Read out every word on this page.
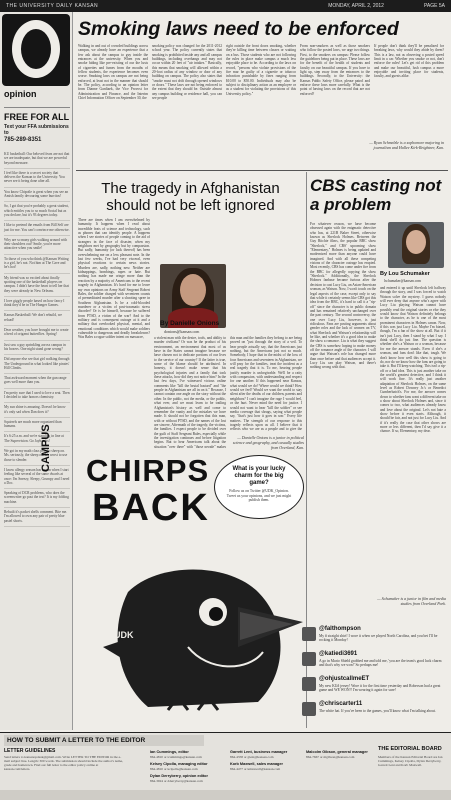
THE UNIVERSITY DAILY KANSAN	MONDAY, APRIL 2, 2012	PAGE 5A
opinion
FREE FOR ALL
Text your FFA submissions to
785-289-8351
KU basketball: Our beloved fears are not that we are inadequate, but that we are powerful beyond measure.
I feel like there is a secret society that delivers the Kansan to the University. You never see it being done after all.
You know Chipotle is great when you see an Amish family devouring some burritos!
So, I got that you're probably a great student, which entitles you to so much Social but as you declare, but it's 93 degrees today.
I like to pretend the emails from Bill Self are just for me. You can't convince me otherwise.
Why are so many girls walking around with their shoulders out? Smile, you're more attractive when you smile!
To those of you who think @Kansan Writing is a girl, he's not. Not him at The Cave and he's hot!
My friend was so excited about finally spotting one of the basketball players on campus. I didn't have the heart to tell her that they were already in New Orleans.
I love giggly people based on how fancy I think they'd be in The Hunger Games.
Kansas Basketball: We don't rebuild, we reload!
Dear weather, you have brought me to create a herd of origami butterflies. Spring!
Just saw a guy sprinkling across campus in his boxers. One night stand gone wrong?
Did anyone else see that girl walking through The Underground in what looked like pirates' Hill Climbs.
That awkward moment when the gun range goes well more than you.
I'm pretty sure that I used to love a seat. Then I decided to take honors chemistry.
My sun shine is amazing. Doesn't he know it's only sad when Dan does it?
Squirrels are much more organized than humans.
It's 6:25 a.m. and we're standing in line at The Supervision. Go Jayhawks!
We got in my math class psycho sheep on. Ms. seriously, the sheep on. It's worst to use those to slender.
I know allergy season has begun when I start feeling like several of the same dwarfs at once: I'm Sneezy, Sleepy, Grumpy and I need a Doc.
Speaking of DCR problems, who does the screenwriter go past the test? It is my folding machine.
Rebuilt it's packet shells comment. Bite me. I'm allowed to own any pair of pretty blue pastel shorts.
Smoking laws need to be enforced
Walking in and out of crowded buildings across campus, we already have an experience that a few ask about the campus to guy inside the entrances at the university. When you and smoke hiding like pre-existing of our the lusts of cigarettes and fumes from the mouths of fellow students, the experience becomes even worse. Smoking laws on campus are not being enforced, at least not in the manner that should be. The policy, according to an opinion letter from Dianne Gardiaek, the Vice Provost for Administration and Finance, and the Interim Chief Information Officer on September 30, the
smoking policy was changed for the 2011-2012 school year. The policy currently states that smoking is prohibited inside any and all campus buildings, including overhangs and may not occur within 20 feet of "air intakes." Basically, this means that smoking will allowed within a 20-foot radius of any window or door of any building on campus. The policy also states that "smoke must not drift through opened windows or doors." These laws are not being enforced to the extent that they should be. Outside almost any campus building or residence hall, you can see people
right outside the front doors smoking, whether they're killing time between classes or waiting on a bus. Those students who are not following the rules in place make campus a much less enjoyable place to be. According to the laws on record, "persons who violate provisions of the fire mar be guilty of a cigarette or tobacco infraction punishable by fines ranging from $10.00 to $50.00. Individuals may also be subject to disciplinary action as an employee or as a student for violating the provisions of this University policy."
From non-smokers as well as those smokers who follow the posted laws, we urge two things. First, to the smokers on campus: Please follow the guidelines being put in place. These laws are for the benefit of the health of students and faculty on our beautiful campus. If you have to light up, step away from the entrances to the buildings. Secondly, to the University: the Kansas Public Safety Office, please patrol and enforce these laws more carefully. What is the point of having laws on the record that are not enforced?
If people don't think they'll be penalized for breaking laws, why would they abide by them? This is a law, not as observing a posted speed limit in a car. Whether you smoke or not, don't enforce the rules! Let's get rid of this problem and make our beautiful, lush campus a more enjoyable and inviting place for students, faculty, and guests alike.
— Ryan Schmelzle is a sophomore majoring in journalism and Hallee Kirk-Reightner, Kan.
The tragedy in Afghanistan should not be left ignored
There are times when I am overwhelmed by humanity. It happens when I read about incredible feats of science and technology, such as phones that can identify people. A happens when I see stories of people coming to the aid of strangers in the face of disaster, when my neighbors met by geography but by compassion. But sadly, humanity (or lack thereof) has been overwhelming me on a less pleasant note. In the last few weeks, I've had very visceral, even physical reactions to certain news stories. Murders are, sadly, nothing new. Neither are kidnappings, bombings, rapes or hate. But nothing has made me cringe more than the reaction by a majority of Americans to the recent tragedy in Afghanistan. It's hard for me to leave my own opinions on Army Staff Sergeant Robert Bales, the soldier charged with seventeen counts of premeditated murder after a shooting spree in Southern Afghanistan. Is he a cold-blooded murderer or a victim of post-traumatic stress disorder? Or is he himself, because he suffered from PTSD, a victim of the war? And to the military and is consequent outrage at it and a military that overlooked physical, mental, and emotional conditions which would make soldiers vulnerable to dangerous and deadly breakdowns? Was Bales a rogue soldier intent on massacre,	a violent man with the desire, tools, and ability to murder civilians? Or was he the product of his environment, an environment that most of us have in the States cannot imagine because we have chosen not to dedicate portions of our lives to the service of our country? If the latter is true, some of the blame should be attributed. In honesty, it doesn't make sense that his psychological injuries and a family that took these attacks, how did they not notice him? In the last few days, I've witnessed vicious online comments like "kill the brutal bastard" and "the people in Afghanistan are all in on it." Because, I cannot contain one angle on the story without the other. In the public, not the media, or the public, what ever, and we must learn to be trailing Afghanistan's history as well and come to remember the vanity and the mistakes we have made. It should not be forgotten that this man, with or without PTSD, and the names of the lost are sincere, Aftermath of the tragedy, the victims, the families. I expect people to be divided over the guilt of Staff Sergeant Bales, especially while the investigation continues and before litigation begins. But to hear Americans talk about the situation "over there" with "those people" makes
this man and the families they belong to are being proved on "just through the story of a veil. To hear people actually say, that the Americans just nothing, but the Americans just not so much. Somebody, I hope that in the midst of the loss of four Americans and seventeen in Afghanistan, we will pray for the families, treat the incident as a real tragedy that it is. To me, hearing people justify murder is unforgivable. We'll be a ratty with compassion, with understanding and respect for one another. If this happened near Kansas, what would we do? Where would we think? How would we feel? Would we want the world to stay silent after the deaths of our children, parents and neighbors? I can't imagine the rage I would feel, or the hurt. Never mind the need for justice. I would not want to hear "kill the soldier" or see media coverage that shrugs, saying what people say, "that's just how it goes in war." Every life matters. The strength of our response to this tragedy reflects upon us all. I believe that it reflects who we are as a people and to give the
By Danielle Onions
donions@kansan.com
— Danielle Onions is a junior in political science and geography, and casually studies from Overland, Kan.
CBS casting not a problem
By Lou Schumaker
lschumaker@kansan.com
For whatever reason, we have become obsessed again with the enigmatic detective who has, at 221B Baker Street, otherwise known as Sherlock Holmes. Between the Guy Ritchie films, the popular BBC show "Sherlock," and CBS' upcoming show "Elementary," Holmes is being updated and modernized more than anyone could have imagined. And with all these competing visions of the character outrage has erupted. Most recently, CBS has come under fire from the BBC for allegedly copying the show "Sherlock." Additionally, the Sherlock Holmes fanbase became furious after the decision to cast Lucy Liu, an Asian-American woman, as Watson. Now, I won't touch on the legal aspects of the case, except only to say that while it certainly seems like CBS got this idea from the BBC, it's hard to call it a "rip-off" since the character is in public domain and has remained relatively unchanged over the past century. The second controversy, the one over Lucy Liu, however, is just ridiculous. Fans are posting arguments about gender roles and the lack of women on TV, what Sherlock and Watson's relationship will be like, and whether it's a good idea to make the show a romance. Liu is what they suggest the CBS is somehow hoping to make money off the romance angle of the character. I will argue that Watson's role has changed more than once before and that audiences accept it. Lucy Liu can play Watson, and there's nothing wrong with that.
and entered it up until Sherlock left halfway through the story, and I was forced to watch Watson solve the mystery. I guess nobody will ever deny that anyone who's agree with Lucy Liu playing Watson cannot have possibly read the original stories or else they would know that Watson definitely belongs to the character, as he is one of the most prominent characters in Holmes canon. Now, if this was just Lucy Liu. Maybe I'm biased, though, I'm a fan of the show at all. But if it isn't just Lucy, then I stand by what I say. I think she'll do just fine. The question is whether she's a Watson or a woman, because for me the answer stands. Even if she's a woman, and fans don't like that, tough. We don't know how well this show is going to do, nor do we know how the fans are going to take it. But I'll keep watching. This isn't a rip-off or a bad idea. This is just another take on the world's greatest detective, and I think it will work fine. It's really just another adaptation of Sherlock Holmes, on the same level as Robert Downey Jr.'s or Benedict Cumberbatch's. For me, the answer comes down to whether fans want a different take on a show about Sherlock Holmes and, since it comes to two, what audiences already know and love about the original. Let's not hate a show before it even starts. Although, it should be fair, and not just for Lucy Liu. And if it's really the case that other shows are more or less different, then I'd say give it a chance. If so, Elementary, my dear.
— Schumaker is a junior in film and media studies from Overland Park.
CAMPUS CHIRPS
BACK
What is your lucky charm for the big game?
Follow us on Twitter @UDK_Opinion. Tweet us your opinions, and we just might publish them.
UDK
@falthompson
My # straight shirt! I wore it when we played North Carolina, and you bet I'll be rocking it Monday!
@katiedi3691
A go in Mario Shield grabbed me and told me, 'you are the team's good luck charm and that's why we won!' So perhaps me!
@ohjustcallmeET
My new KU# jersey! Wore it for the first time yesterday and Roberson had a great game and WE WON!! I'm wearing it again for sure!
@chriscarter11
The white hat. If you've been to the games, you'll know what I'm talking about.
HOW TO SUBMIT A LETTER TO THE EDITOR
LETTER GUIDELINES
Send letters to kansanopdesk@gmail.com. Write LETTER TO THE EDITOR in the e-mail subject line. Length: 300 words. The submission should include the author's name, grade and hometown. Find our full letter to the editor policy online at kansan.com/letters.
Ian Cummings, editor
864-4810 or icummings@kansan.com
Kelsey Cipolla, managing editor
864-4810 or kcipolla@kansan.com
Dylan Derryberry, opinion editor
864-3924 or dderryberry@kansan.com
Garrett Lent, business manager
864-4358 or glent@kansan.com
Korb Maxwell, sales manager
864-4477 or kmaxwell@kansan.com
Malcolm Gibson, general manager
864-7667 or mgibson@kansan.com
THE EDITORIAL BOARD
Members of the Kansan Editorial Board are Ian Cummings, Kelsey Cipolla, Dylan Derryberry, Garrett Lent and Korb Maxwell.
